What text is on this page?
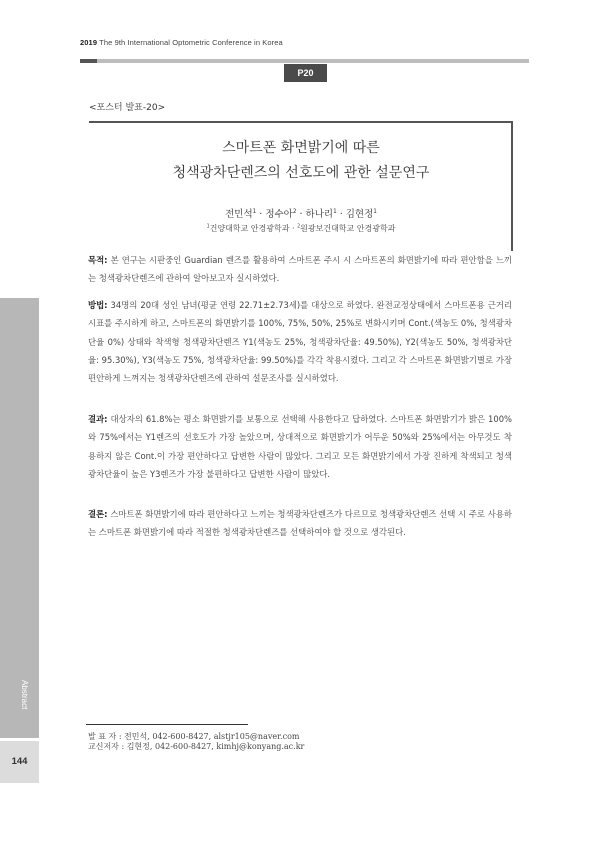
2019 The 9th International Optometric Conference in Korea
P20
<포스터 발표-20>
스마트폰 화면밝기에 따른
청색광차단렌즈의 선호도에 관한 설문연구
전민석$^1$ · 정수아$^2$ · 하나리$^1$ · 김현정$^1$
$^1$건양대학교 안경광학과 · $^2$원광보건대학교 안경광학과
목적: 본 연구는 시판중인 Guardian 렌즈를 활용하여 스마트폰 주시 시 스마트폰의 화면밝기에 따라 편안함을 느끼는 청색광차단렌즈에 관하여 알아보고자 실시하였다.
방법: 34명의 20대 성인 남녀(평균 연령 22.71±2.73세)를 대상으로 하였다. 완전교정상태에서 스마트폰용 근거리시표를 주시하게 하고, 스마트폰의 화면밝기를 100%, 75%, 50%, 25%로 변화시키며 Cont.(색농도 0%, 청색광차단율 0%) 상태와 착색형 청색광차단렌즈 Y1(색농도 25%, 청색광차단율: 49.50%), Y2(색농도 50%, 청색광차단율: 95.30%), Y3(색농도 75%, 청색광차단율: 99.50%)를 각각 착용시켰다. 그리고 각 스마트폰 화면밝기별로 가장 편안하게 느껴지는 청색광차단렌즈에 관하여 설문조사를 실시하였다.
결과: 대상자의 61.8%는 평소 화면밝기를 보통으로 선택해 사용한다고 답하였다. 스마트폰 화면밝기가 밝은 100%와 75%에서는 Y1렌즈의 선호도가 가장 높았으며, 상대적으로 화면밝기가 어두운 50%와 25%에서는 아무것도 착용하지 않은 Cont.이 가장 편안하다고 답변한 사람이 많았다. 그리고 모든 화면밝기에서 가장 진하게 착색되고 청색광차단율이 높은 Y3렌즈가 가장 불편하다고 답변한 사람이 많았다.
결론: 스마트폰 화면밝기에 따라 편안하다고 느끼는 청색광차단렌즈가 다르므로 청색광차단렌즈 선택 시 주로 사용하는 스마트폰 화면밝기에 따라 적절한 청색광차단렌즈를 선택하여야 할 것으로 생각된다.
Abstract
144
발 표 자 : 전민석, 042-600-8427, alstjr105@naver.com
교신저자 : 김현정, 042-600-8427, kimhj@konyang.ac.kr
